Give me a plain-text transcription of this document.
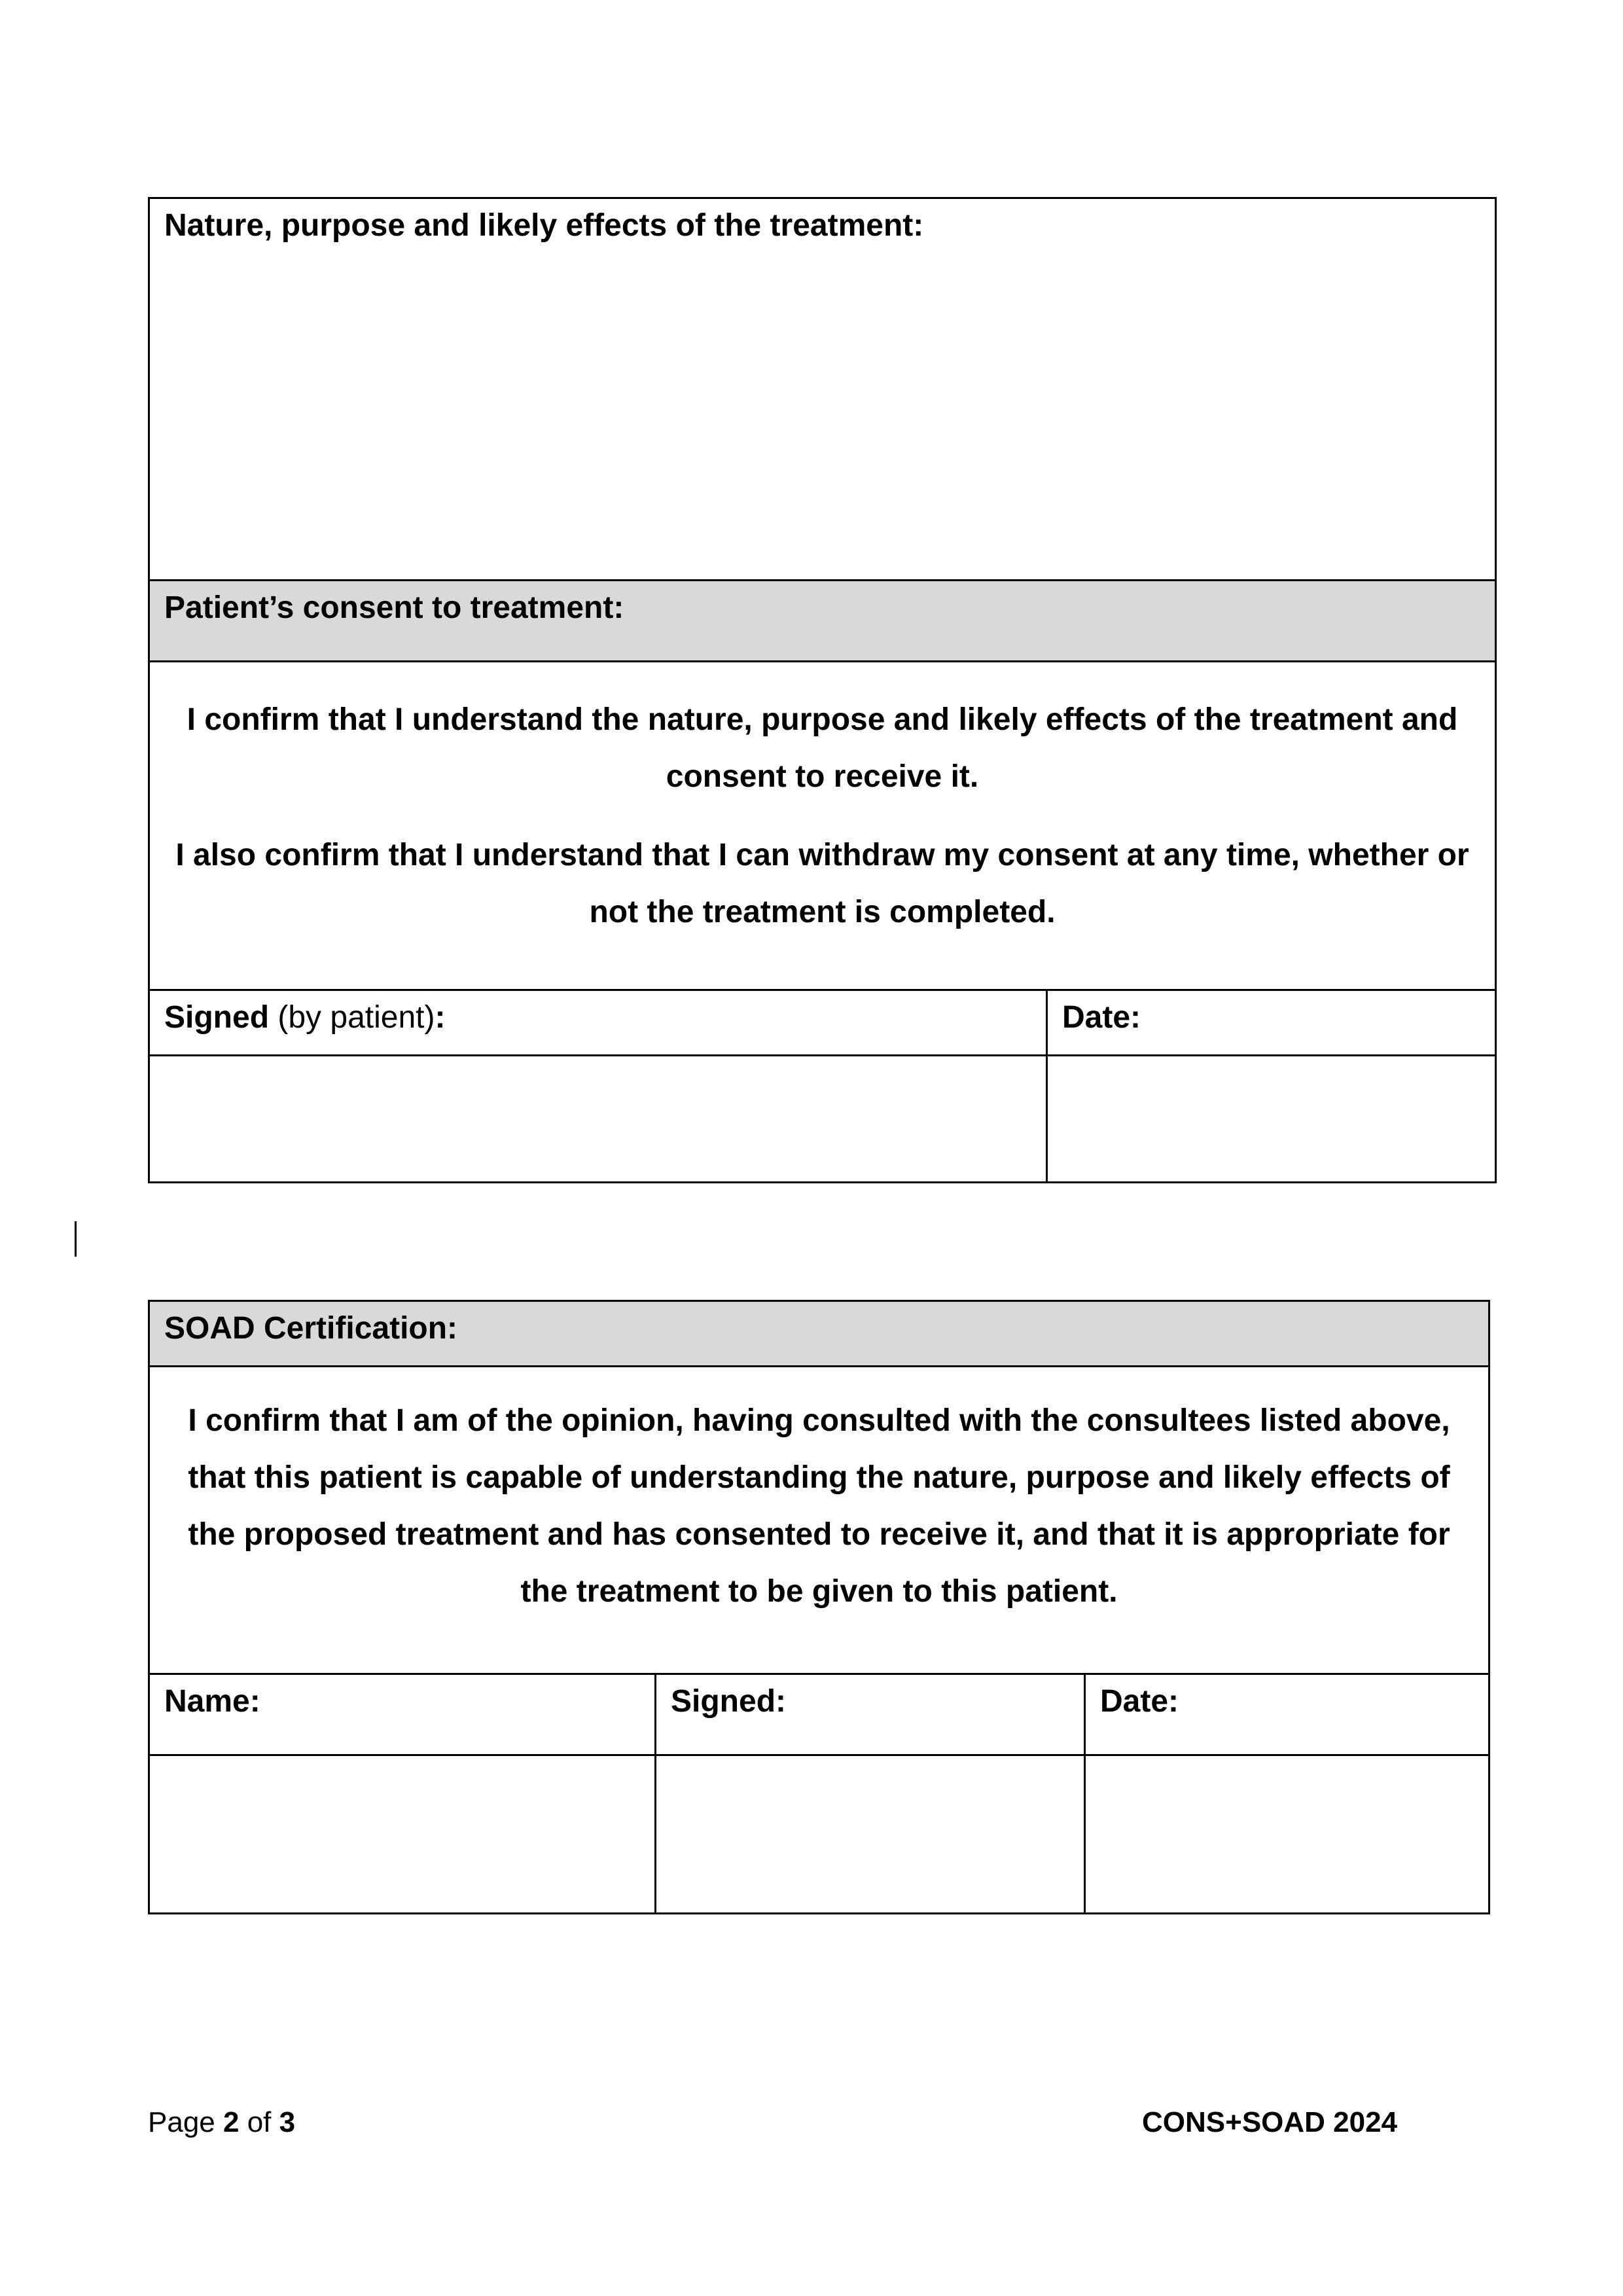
Nature, purpose and likely effects of the treatment:	

Patient’s consent to treatment:	

I confirm that I understand the nature, purpose and likely effects of the treatment and consent to receive it.

I also confirm that I understand that I can withdraw my consent at any time, whether or not the treatment is completed.	

Signed (by patient):	Date:

SOAD Certification:		

I confirm that I am of the opinion, having consulted with the consultees listed above, that this patient is capable of understanding the nature, purpose and likely effects of the proposed treatment and has consented to receive it, and that it is appropriate for the treatment to be given to this patient.		

Name:	Signed:	Date:

Page 2 of 3	CONS+SOAD 2024
